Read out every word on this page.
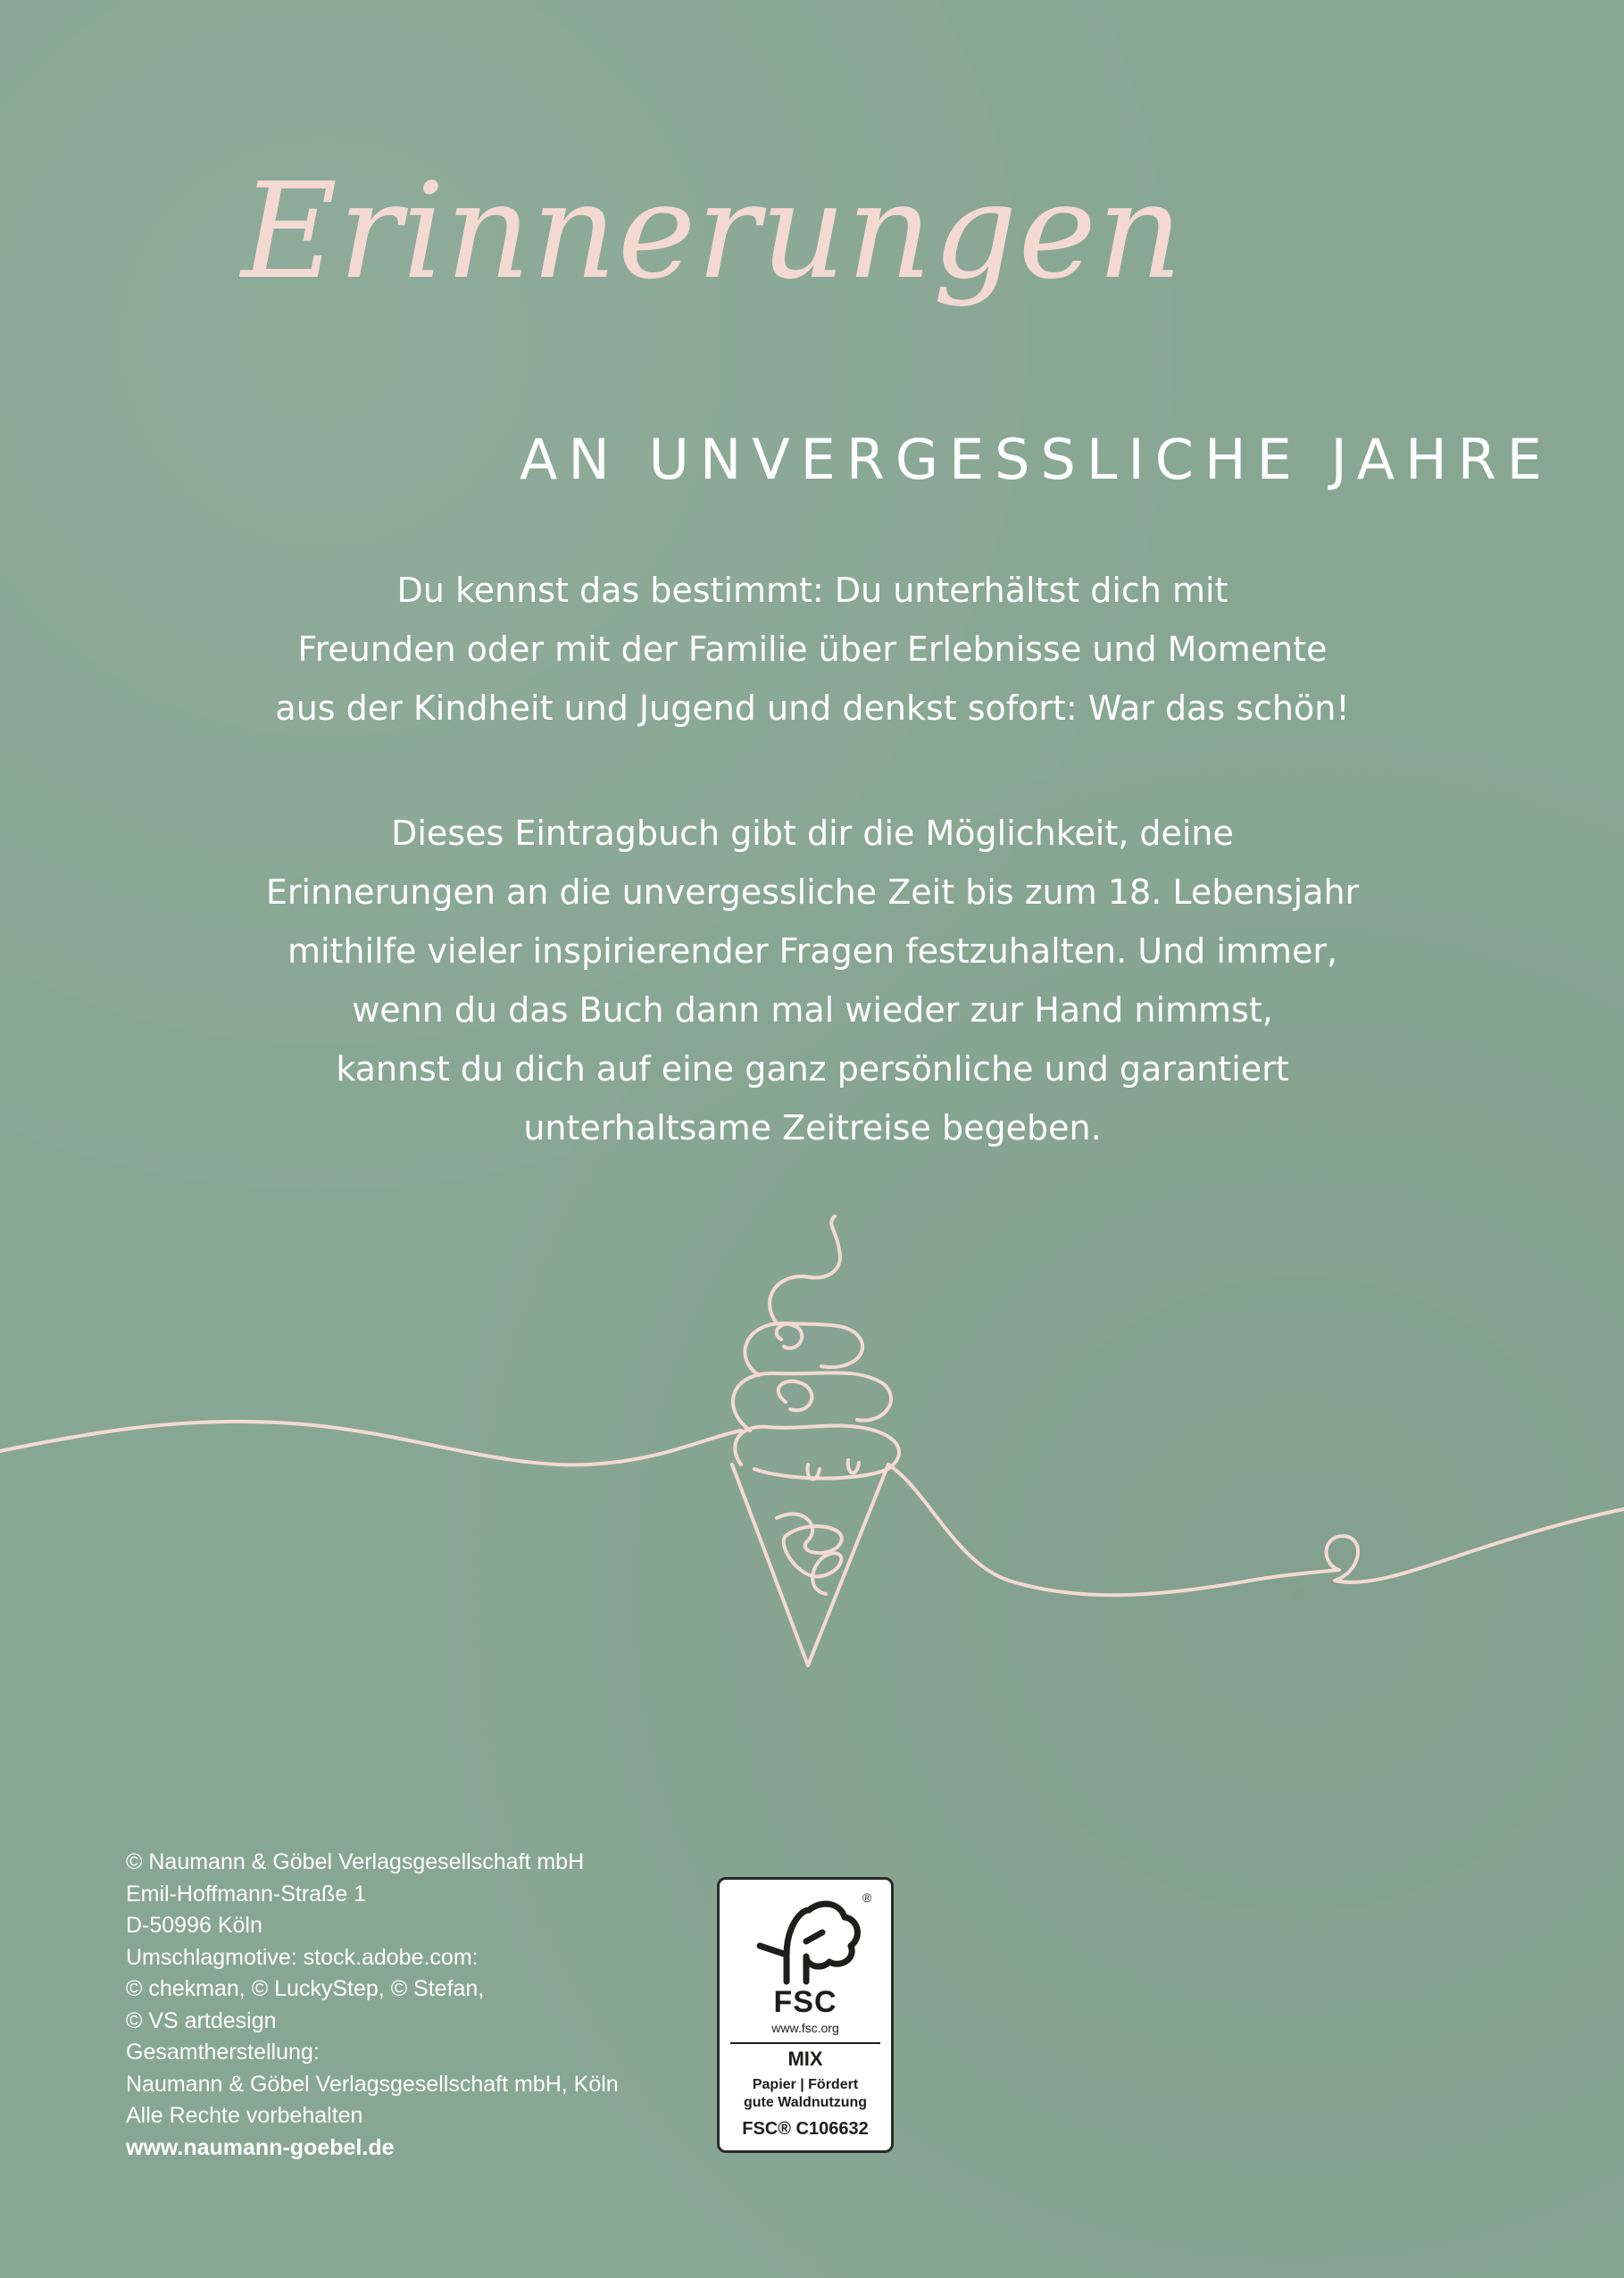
Erinnerungen
AN UNVERGESSLICHE JAHRE
Du kennst das bestimmt: Du unterhältst dich mit
Freunden oder mit der Familie über Erlebnisse und Momente
aus der Kindheit und Jugend und denkst sofort: War das schön!
Dieses Eintragbuch gibt dir die Möglichkeit, deine
Erinnerungen an die unvergessliche Zeit bis zum 18. Lebensjahr
mithilfe vieler inspirierender Fragen festzuhalten. Und immer,
wenn du das Buch dann mal wieder zur Hand nimmst,
kannst du dich auf eine ganz persönliche und garantiert
unterhaltsame Zeitreise begeben.
© Naumann & Göbel Verlagsgesellschaft mbH
Emil-Hoffmann-Straße 1
D-50996 Köln
Umschlagmotive: stock.adobe.com:
© chekman, © LuckyStep, © Stefan,
© VS artdesign
Gesamtherstellung:
Naumann & Göbel Verlagsgesellschaft mbH, Köln
Alle Rechte vorbehalten
www.naumann-goebel.de
®
FSC
www.fsc.org
MIX
Papier | Fördert
gute Waldnutzung
FSC® C106632
